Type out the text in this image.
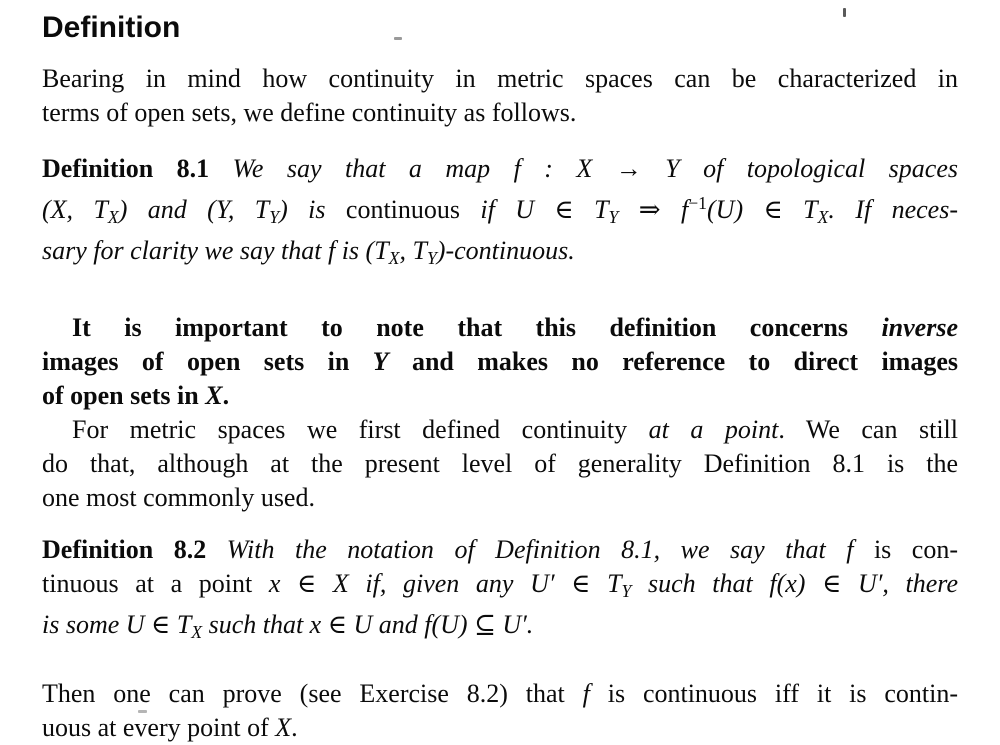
Definition
Bearing in mind how continuity in metric spaces can be characterized in
terms of open sets, we define continuity as follows.
Definition 8.1 We say that a map f : X → Y of topological spaces
(X, $T_X$) and (Y, $T_Y$) is continuous if U ∈ $T_Y$ ⇒ $f^{-1}(U)$ ∈ $T_X$. If neces-
sary for clarity we say that f is ($T_X$, $T_Y$)-continuous.
It is important to note that this definition concerns inverse
images of open sets in Y and makes no reference to direct images
of open sets in X.
For metric spaces we first defined continuity at a point. We can still
do that, although at the present level of generality Definition 8.1 is the
one most commonly used.
Definition 8.2 With the notation of Definition 8.1, we say that f is con-
tinuous at a point x ∈ X if, given any U′ ∈ $T_Y$ such that f(x) ∈ U′, there
is some U ∈ $T_X$ such that x ∈ U and f(U) ⊆ U′.
Then one can prove (see Exercise 8.2) that f is continuous iff it is contin-
uous at every point of X.
